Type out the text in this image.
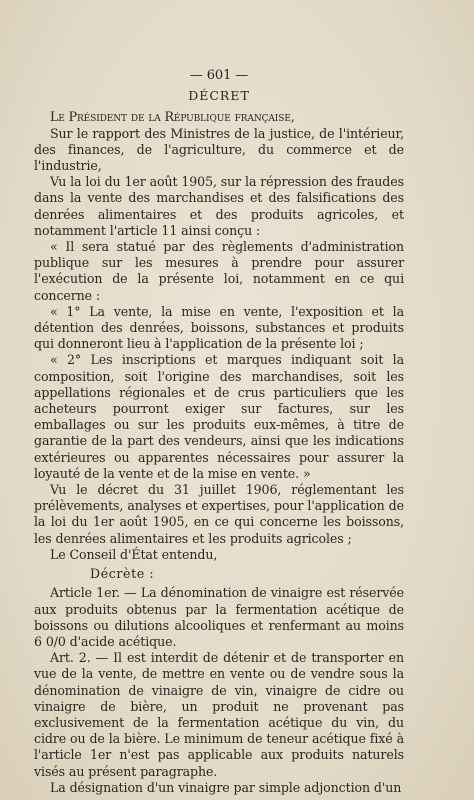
— 601 —
DÉCRET

Le Président de la République française,

Sur le rapport des Ministres de la justice, de l'intérieur, des finances, de l'agriculture, du commerce et de l'industrie,

Vu la loi du 1er août 1905, sur la répression des fraudes dans la vente des marchandises et des falsifications des denrées alimentaires et des produits agricoles, et notamment l'article 11 ainsi conçu :

« Il sera statué par des règlements d'administration publique sur les mesures à prendre pour assurer l'exécution de la présente loi, notamment en ce qui concerne :

« 1° La vente, la mise en vente, l'exposition et la détention des denrées, boissons, substances et produits qui donneront lieu à l'application de la présente loi ;

« 2° Les inscriptions et marques indiquant soit la composition, soit l'origine des marchandises, soit les appellations régionales et de crus particuliers que les acheteurs pourront exiger sur factures, sur les emballages ou sur les produits eux-mêmes, à titre de garantie de la part des vendeurs, ainsi que les indications extérieures ou apparentes nécessaires pour assurer la loyauté de la vente et de la mise en vente. »

Vu le décret du 31 juillet 1906, réglementant les prélèvements, analyses et expertises, pour l'application de la loi du 1er août 1905, en ce qui concerne les boissons, les denrées alimentaires et les produits agricoles ;

Le Conseil d'État entendu,

Décrète :

Article 1er. — La dénomination de vinaigre est réservée aux produits obtenus par la fermentation acétique de boissons ou dilutions alcooliques et renfermant au moins 6 0/0 d'acide acétique.

Art. 2. — Il est interdit de détenir et de transporter en vue de la vente, de mettre en vente ou de vendre sous la dénomination de vinaigre de vin, vinaigre de cidre ou vinaigre de bière, un produit ne provenant pas exclusivement de la fermentation acétique du vin, du cidre ou de la bière. Le minimum de teneur acétique fixé à l'article 1er n'est pas applicable aux produits naturels visés au présent paragraphe.

La désignation d'un vinaigre par simple adjonction d'un
